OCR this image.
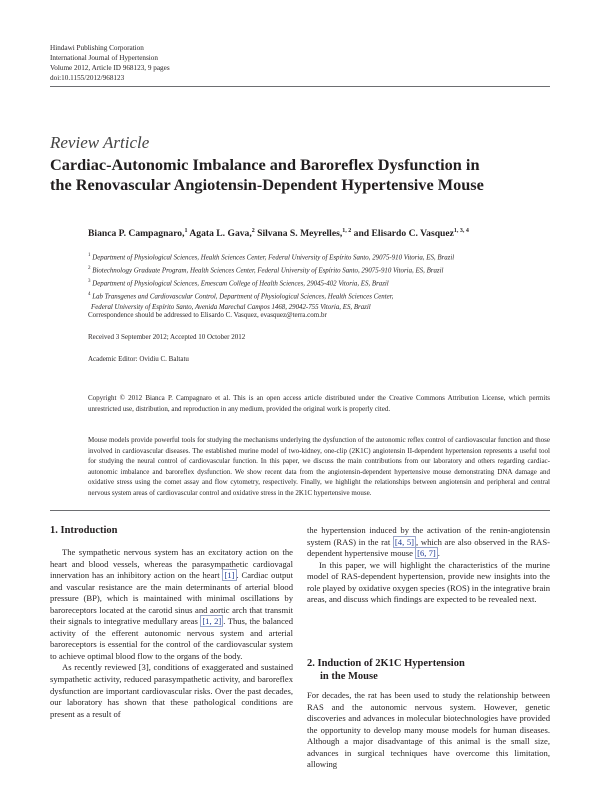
Hindawi Publishing Corporation
International Journal of Hypertension
Volume 2012, Article ID 968123, 9 pages
doi:10.1155/2012/968123
Review Article
Cardiac-Autonomic Imbalance and Baroreflex Dysfunction in
the Renovascular Angiotensin-Dependent Hypertensive Mouse
Bianca P. Campagnaro,$^1$ Agata L. Gava,$^2$ Silvana S. Meyrelles,$^{1, 2}$ and Elisardo C. Vasquez$^{1, 3, 4}$
$^1$ Department of Physiological Sciences, Health Sciences Center, Federal University of Espírito Santo, 29075-910 Vitoria, ES, Brazil
$^2$ Biotechnology Graduate Program, Health Sciences Center, Federal University of Espírito Santo, 29075-910 Vitoria, ES, Brazil
$^3$ Department of Physiological Sciences, Emescam College of Health Sciences, 29045-402 Vitoria, ES, Brazil
$^4$ Lab Transgenes and Cardiovascular Control, Department of Physiological Sciences, Health Sciences Center,
Federal University of Espírito Santo, Avenida Marechal Campos 1468, 29042-755 Vitoria, ES, Brazil
Correspondence should be addressed to Elisardo C. Vasquez, evasquez@terra.com.br
Received 3 September 2012; Accepted 10 October 2012
Academic Editor: Ovidiu C. Baltatu
Copyright © 2012 Bianca P. Campagnaro et al. This is an open access article distributed under the Creative Commons Attribution License, which permits unrestricted use, distribution, and reproduction in any medium, provided the original work is properly cited.
Mouse models provide powerful tools for studying the mechanisms underlying the dysfunction of the autonomic reflex control of cardiovascular function and those involved in cardiovascular diseases. The established murine model of two-kidney, one-clip (2K1C) angiotensin II-dependent hypertension represents a useful tool for studying the neural control of cardiovascular function. In this paper, we discuss the main contributions from our laboratory and others regarding cardiac-autonomic imbalance and baroreflex dysfunction. We show recent data from the angiotensin-dependent hypertensive mouse demonstrating DNA damage and oxidative stress using the comet assay and flow cytometry, respectively. Finally, we highlight the relationships between angiotensin and peripheral and central nervous system areas of cardiovascular control and oxidative stress in the 2K1C hypertensive mouse.
1. Introduction

The sympathetic nervous system has an excitatory action on the heart and blood vessels, whereas the parasympathetic cardiovagal innervation has an inhibitory action on the heart [1] . Cardiac output and vascular resistance are the main determinants of arterial blood pressure (BP), which is maintained with minimal oscillations by baroreceptors located at the carotid sinus and aortic arch that transmit their signals to integrative medullary areas [1, 2] . Thus, the balanced activity of the efferent autonomic nervous system and arterial baroreceptors is essential for the control of the cardiovascular system to achieve optimal blood flow to the organs of the body.

As recently reviewed [3], conditions of exaggerated and sustained sympathetic activity, reduced parasympathetic activity, and baroreflex dysfunction are important cardiovascular risks. Over the past decades, our laboratory has shown that these pathological conditions are present as a result of

the hypertension induced by the activation of the renin-angiotensin system (RAS) in the rat [4, 5] , which are also observed in the RAS-dependent hypertensive mouse [6, 7] .

In this paper, we will highlight the characteristics of the murine model of RAS-dependent hypertension, provide new insights into the role played by oxidative oxygen species (ROS) in the integrative brain areas, and discuss which findings are expected to be revealed next.

2. Induction of 2K1C Hypertension
in the Mouse

For decades, the rat has been used to study the relationship between RAS and the autonomic nervous system. However, genetic discoveries and advances in molecular biotechnologies have provided the opportunity to develop many mouse models for human diseases. Although a major disadvantage of this animal is the small size, advances in surgical techniques have overcome this limitation, allowing
